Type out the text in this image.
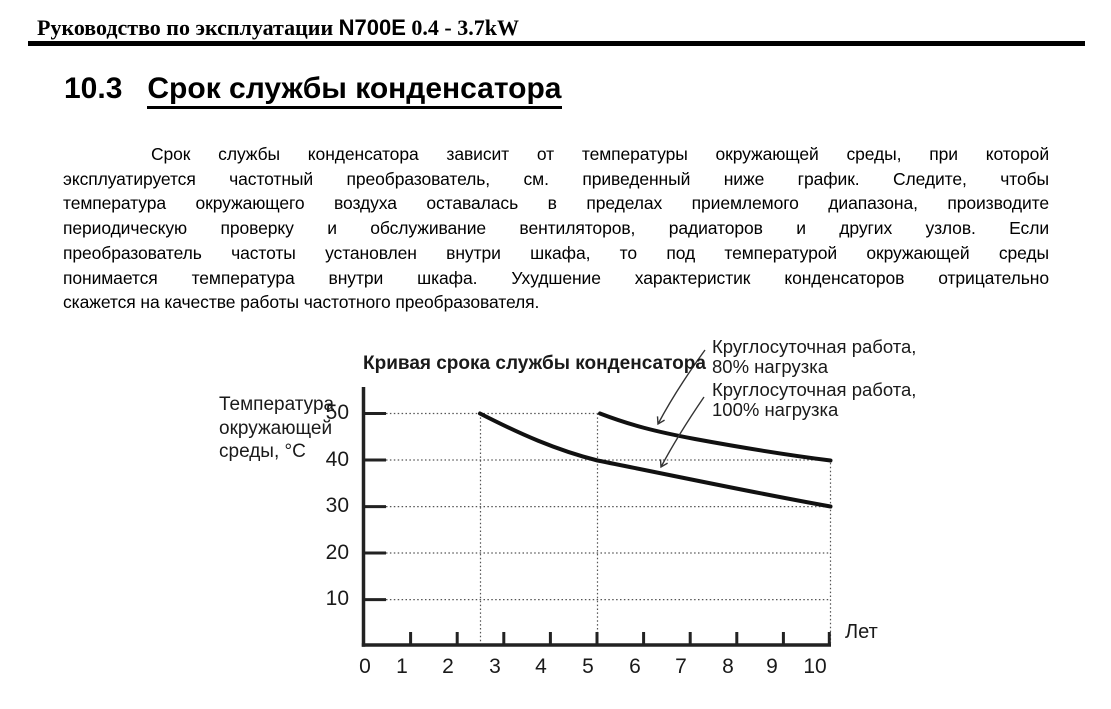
Руководство по эксплуатации N700E 0.4 - 3.7kW
10.3 Срок службы конденсатора
Срок службы конденсатора зависит от температуры окружающей среды, при которой
эксплуатируется частотный преобразователь, см. приведенный ниже график. Следите, чтобы
температура окружающего воздуха оставалась в пределах приемлемого диапазона, производите
периодическую проверку и обслуживание вентиляторов, радиаторов и других узлов. Если
преобразователь частоты установлен внутри шкафа, то под температурой окружающей среды
понимается температура внутри шкафа. Ухудшение характеристик конденсаторов отрицательно
скажется на качестве работы частотного преобразователя.
Кривая срока службы конденсатора
Температура
окружающей
среды, °C
50
40
30
20
10
0	1	2	3	4	5	6	7	8	9	10
Лет
Круглосуточная работа,
80% нагрузка
Круглосуточная работа,
100% нагрузка
